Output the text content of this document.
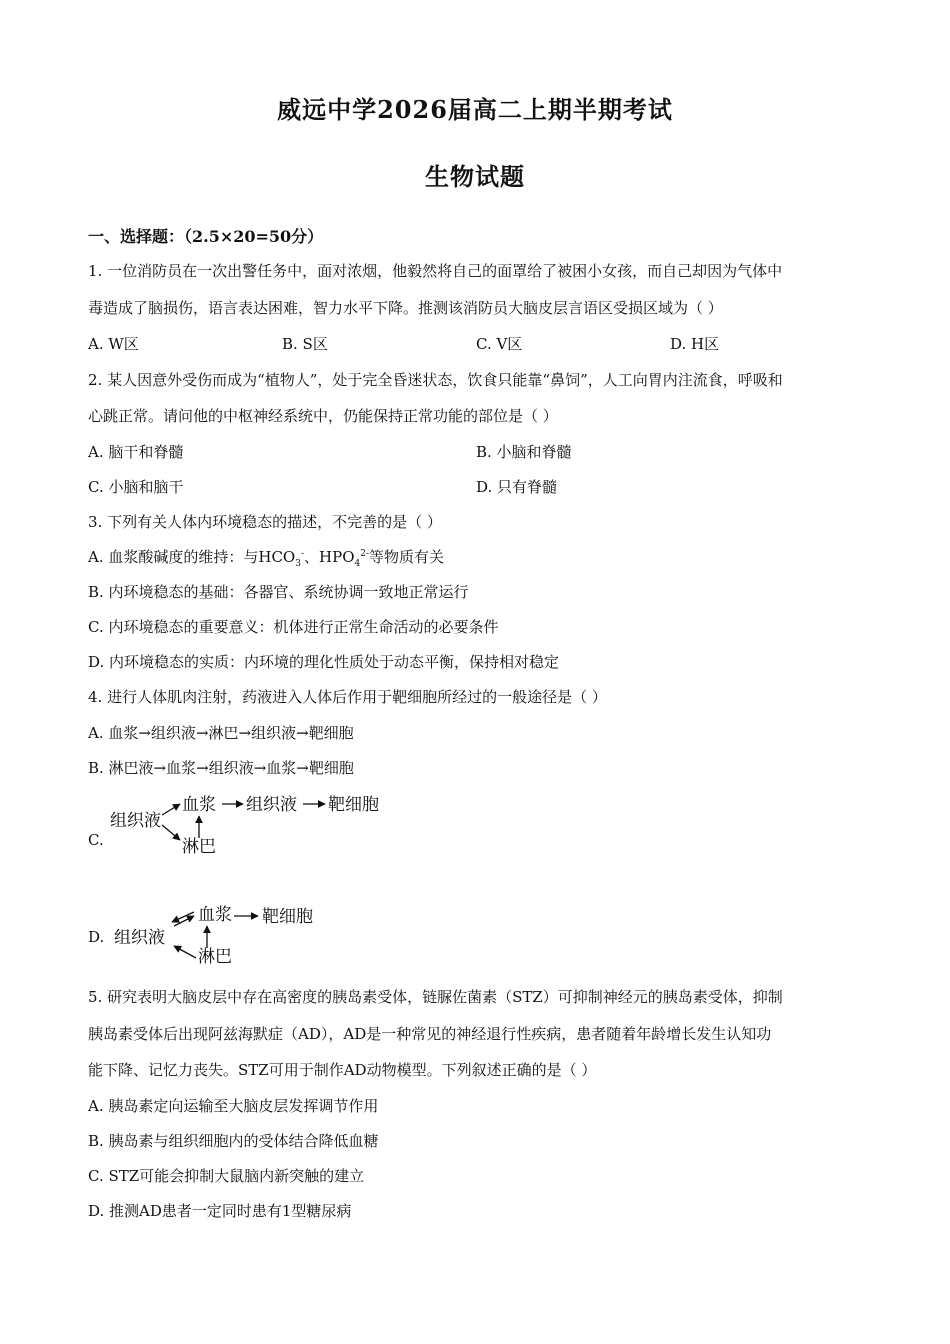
威远中学2026届高二上期半期考试
生物试题
一、选择题：（2.5×20=50分）
1. 一位消防员在一次出警任务中，面对浓烟，他毅然将自己的面罩给了被困小女孩，而自己却因为气体中
毒造成了脑损伤，语言表达困难，智力水平下降。推测该消防员大脑皮层言语区受损区域为（ ）
A. W区	B. S区	C. V区	D. H区
2. 某人因意外受伤而成为“植物人”，处于完全昏迷状态，饮食只能靠“鼻饲”，人工向胃内注流食，呼吸和
心跳正常。请问他的中枢神经系统中，仍能保持正常功能的部位是（ ）
A. 脑干和脊髓	B. 小脑和脊髓
C. 小脑和脑干	D. 只有脊髓
3. 下列有关人体内环境稳态的描述，不完善的是（ ）
A. 血浆酸碱度的维持：与$HCO_3^-$、$HPO_4^{2-}$等物质有关
B. 内环境稳态的基础：各器官、系统协调一致地正常运行
C. 内环境稳态的重要意义：机体进行正常生命活动的必要条件
D. 内环境稳态的实质：内环境的理化性质处于动态平衡，保持相对稳定
4. 进行人体肌肉注射，药液进入人体后作用于靶细胞所经过的一般途径是（ ）
A. 血浆→组织液→淋巴→组织液→靶细胞
B. 淋巴液→血浆→组织液→血浆→靶细胞
C.
组织液
血浆 组织液 靶细胞
淋巴
D. 组织液
血浆 靶细胞
淋巴
5. 研究表明大脑皮层中存在高密度的胰岛素受体，链脲佐菌素（STZ）可抑制神经元的胰岛素受体，抑制
胰岛素受体后出现阿兹海默症（AD），AD是一种常见的神经退行性疾病，患者随着年龄增长发生认知功
能下降、记忆力丧失。STZ可用于制作AD动物模型。下列叙述正确的是（ ）
A. 胰岛素定向运输至大脑皮层发挥调节作用
B. 胰岛素与组织细胞内的受体结合降低血糖
C. STZ可能会抑制大鼠脑内新突触的建立
D. 推测AD患者一定同时患有1型糖尿病
